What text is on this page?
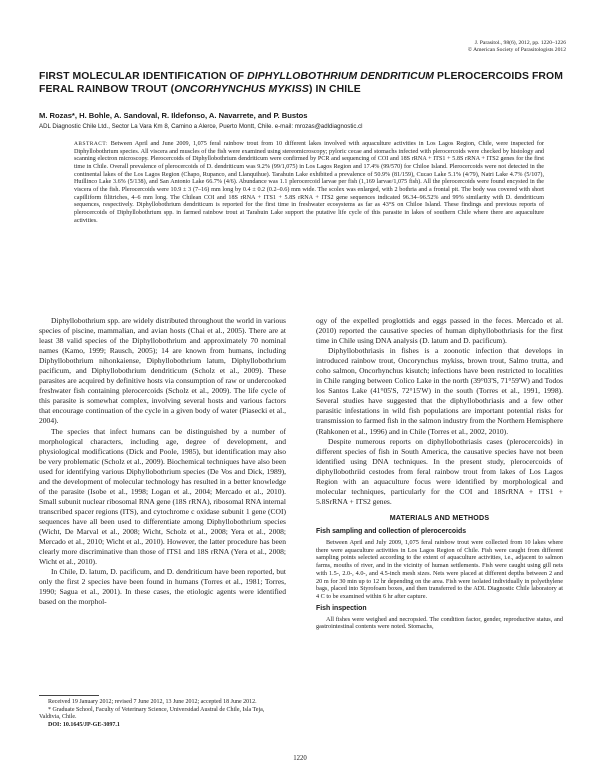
J. Parasitol., 98(6), 2012, pp. 1220–1226
© American Society of Parasitologists 2012
FIRST MOLECULAR IDENTIFICATION OF DIPHYLLOBOTHRIUM DENDRITICUM PLEROCERCOIDS FROM FERAL RAINBOW TROUT (ONCORHYNCHUS MYKISS) IN CHILE
M. Rozas*, H. Bohle, A. Sandoval, R. Ildefonso, A. Navarrete, and P. Bustos
ADL Diagnostic Chile Ltd., Sector La Vara Km 8, Camino a Alerce, Puerto Montt, Chile. e-mail: mrozas@adldiagnostic.cl
ABSTRACT: Between April and June 2009, 1,075 feral rainbow trout from 10 different lakes involved with aquaculture activities in Los Lagos Region, Chile, were inspected for Diphyllobothrium species. All viscera and muscles of the fish were examined using stereomicroscopy; pyloric cecae and stomachs infected with plerocercoids were checked by histology and scanning electron microscopy. Plerocercoids of Diphyllobothrium dendriticum were confirmed by PCR and sequencing of COI and 18S rRNA + ITS1 + 5.8S rRNA + ITS2 genes for the first time in Chile. Overall prevalence of plerocercoids of D. dendriticum was 9.2% (99/1,075) in Los Lagos Region and 17.4% (99/570) for Chiloe Island. Plerocercoids were not detected in the continental lakes of the Los Lagos Region (Chapo, Rupanco, and Llanquihue). Tarahuin Lake exhibited a prevalence of 50.9% (81/159), Cucao Lake 5.1% (4/79), Natri Lake 4.7% (5/107), Huillinco Lake 3.6% (5/138), and San Antonio Lake 66.7% (4/6). Abundance was 1.1 plerocercoid larvae per fish (1,169 larvae/1,075 fish). All the plerocercoids were found encysted in the viscera of the fish. Plerocercoids were 10.9 ± 3 (7–16) mm long by 0.4 ± 0.2 (0.2–0.6) mm wide. The scolex was enlarged, with 2 bothria and a frontal pit. The body was covered with short capilliform filitriches, 4–6 mm long. The Chilean COI and 18S rRNA + ITS1 + 5.8S rRNA + ITS2 gene sequences indicated 96.34–96.52% and 99% similarity with D. dendriticum sequences, respectively. Diphyllobothrium dendriticum is reported for the first time in freshwater ecosystems as far as 43°S on Chiloe Island. These findings and previous reports of plerocercoids of Diphyllobothrium spp. in farmed rainbow trout at Tarahuin Lake support the putative life cycle of this parasite in lakes of southern Chile where there are aquaculture activities.

Diphyllobothrium spp. are widely distributed throughout the world in various species of piscine, mammalian, and avian hosts (Chai et al., 2005). There are at least 38 valid species of the Diphyllobothrium and approximately 70 nominal names (Kamo, 1999; Rausch, 2005); 14 are known from humans, including Diphyllobothrium nihonkaiense, Diphyllobothrium latum, Diphyllobothrium pacificum, and Diphyllobothrium dendriticum (Scholz et al., 2009). These parasites are acquired by definitive hosts via consumption of raw or undercooked freshwater fish containing plerocercoids (Scholz et al., 2009). The life cycle of this parasite is somewhat complex, involving several hosts and various factors that encourage continuation of the cycle in a given body of water (Piasecki et al., 2004).

The species that infect humans can be distinguished by a number of morphological characters, including age, degree of development, and physiological modifications (Dick and Poole, 1985), but identification may also be very problematic (Scholz et al., 2009). Biochemical techniques have also been used for identifying various Diphyllobothrium species (De Vos and Dick, 1989), and the development of molecular technology has resulted in a better knowledge of the parasite (Isobe et al., 1998; Logan et al., 2004; Mercado et al., 2010). Small subunit nuclear ribosomal RNA gene (18S rRNA), ribosomal RNA internal transcribed spacer regions (ITS), and cytochrome c oxidase subunit 1 gene (COI) sequences have all been used to differentiate among Diphyllobothrium species (Wicht, De Marval et al., 2008; Wicht, Scholz et al., 2008; Yera et al., 2008; Mercado et al., 2010; Wicht et al., 2010). However, the latter procedure has been clearly more discriminative than those of ITS1 and 18S rRNA (Yera et al., 2008; Wicht et al., 2010).

In Chile, D. latum, D. pacificum, and D. dendriticum have been reported, but only the first 2 species have been found in humans (Torres et al., 1981; Torres, 1990; Sagua et al., 2001). In these cases, the etiologic agents were identified based on the morphol-

Received 19 January 2012; revised 7 June 2012, 13 June 2012; accepted 18 June 2012.

* Graduate School, Faculty of Veterinary Science, Universidad Austral de Chile, Isla Teja, Valdivia, Chile.

DOI: 10.1645/JP-GE-3097.1

ogy of the expelled proglottids and eggs passed in the feces. Mercado et al. (2010) reported the causative species of human diphyllobothriasis for the first time in Chile using DNA analysis (D. latum and D. pacificum).

Diphyllobothriasis in fishes is a zoonotic infection that develops in introduced rainbow trout, Oncorynchus mykiss, brown trout, Salmo trutta, and coho salmon, Oncorhynchus kisutch; infections have been restricted to localities in Chile ranging between Colico Lake in the north (39°03'S, 71°59'W) and Todos los Santos Lake (41°05'S, 72°15'W) in the south (Torres et al., 1991, 1998). Several studies have suggested that the diphyllobothriasis and a few other parasitic infestations in wild fish populations are important potential risks for transmission to farmed fish in the salmon industry from the Northern Hemisphere (Rahkonen et al., 1996) and in Chile (Torres et al., 2002, 2010).

Despite numerous reports on diphyllobothriasis cases (plerocercoids) in different species of fish in South America, the causative species have not been identified using DNA techniques. In the present study, plerocercoids of diphyllobothriid cestodes from feral rainbow trout from lakes of Los Lagos Region with an aquaculture focus were identified by morphological and molecular techniques, particularly for the COI and 18SrRNA + ITS1 + 5.8SrRNA + ITS2 genes.

MATERIALS AND METHODS
Fish sampling and collection of plerocercoids

Between April and July 2009, 1,075 feral rainbow trout were collected from 10 lakes where there were aquaculture activities in Los Lagos Region of Chile. Fish were caught from different sampling points selected according to the extent of aquaculture activities, i.e., adjacent to salmon farms, mouths of river, and in the vicinity of human settlements. Fish were caught using gill nets with 1.5-, 2.0-, 4.0-, and 4.5-inch mesh sizes. Nets were placed at different depths between 2 and 20 m for 30 min up to 12 hr depending on the area. Fish were isolated individually in polyethylene bags, placed into Styrofoam boxes, and then transferred to the ADL Diagnostic Chile laboratory at 4 C to be examined within 6 hr after capture.

Fish inspection

All fishes were weighed and necropsied. The condition factor, gender, reproductive status, and gastrointestinal contents were noted. Stomachs,

1220
